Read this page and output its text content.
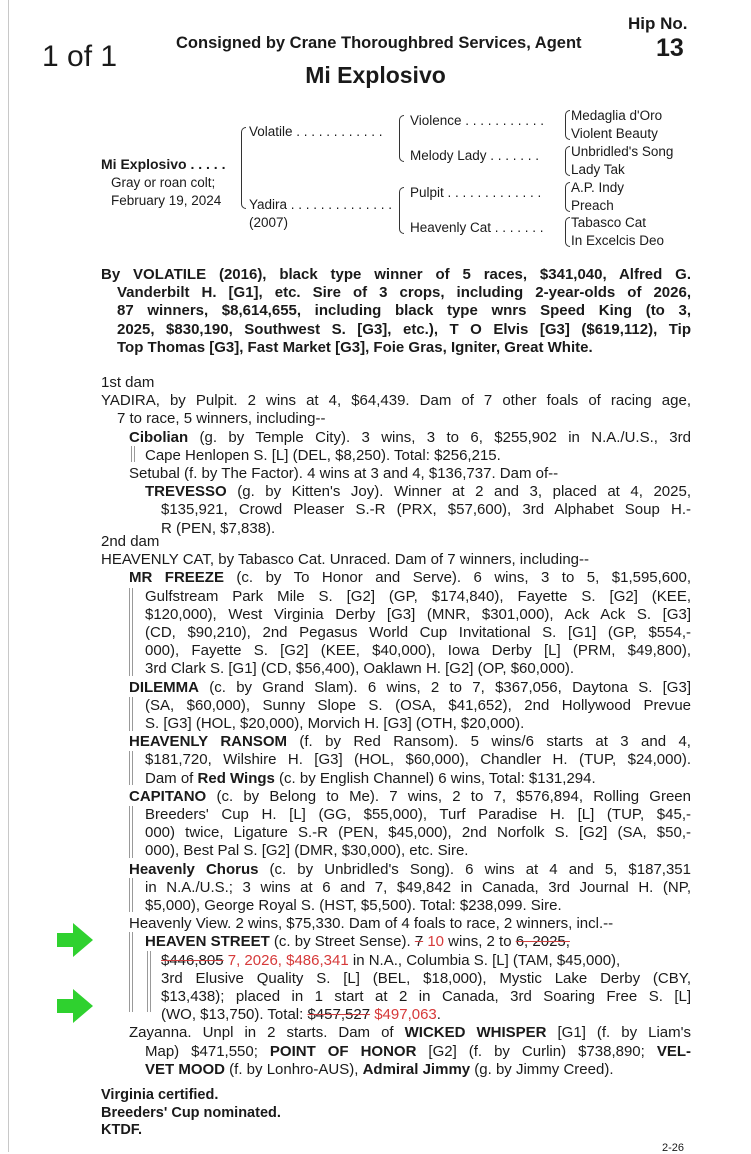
1 of 1	Consigned by Crane Thoroughbred Services, Agent
Hip No.
13
Mi Explosivo
Mi Explosivo . . . . .
Gray or roan colt;
February 19, 2024
Volatile . . . . . . . . . . . .
Yadira . . . . . . . . . . . . . .
(2007)
Violence . . . . . . . . . . .
Melody Lady . . . . . . .
Pulpit . . . . . . . . . . . . .
Heavenly Cat . . . . . . .
Medaglia d'Oro
Violent Beauty
Unbridled's Song
Lady Tak
A.P. Indy
Preach
Tabasco Cat
In Excelcis Deo
By VOLATILE (2016), black type winner of 5 races, $341,040, Alfred G.
Vanderbilt H. [G1], etc. Sire of 3 crops, including 2-year-olds of 2026,
87 winners, $8,614,655, including black type wnrs Speed King (to 3,
2025, $830,190, Southwest S. [G3], etc.), T O Elvis [G3] ($619,112), Tip
Top Thomas [G3], Fast Market [G3], Foie Gras, Igniter, Great White.
1st dam
YADIRA, by Pulpit. 2 wins at 4, $64,439. Dam of 7 other foals of racing age,
7 to race, 5 winners, including--
Cibolian (g. by Temple City). 3 wins, 3 to 6, $255,902 in N.A./U.S., 3rd
Cape Henlopen S. [L] (DEL, $8,250). Total: $256,215.
Setubal (f. by The Factor). 4 wins at 3 and 4, $136,737. Dam of--
TREVESSO (g. by Kitten's Joy). Winner at 2 and 3, placed at 4, 2025,
$135,921, Crowd Pleaser S.-R (PRX, $57,600), 3rd Alphabet Soup H.-
R (PEN, $7,838).
2nd dam
HEAVENLY CAT, by Tabasco Cat. Unraced. Dam of 7 winners, including--
MR FREEZE (c. by To Honor and Serve). 6 wins, 3 to 5, $1,595,600,
Gulfstream Park Mile S. [G2] (GP, $174,840), Fayette S. [G2] (KEE,
$120,000), West Virginia Derby [G3] (MNR, $301,000), Ack Ack S. [G3]
(CD, $90,210), 2nd Pegasus World Cup Invitational S. [G1] (GP, $554,-
000), Fayette S. [G2] (KEE, $40,000), Iowa Derby [L] (PRM, $49,800),
3rd Clark S. [G1] (CD, $56,400), Oaklawn H. [G2] (OP, $60,000).
DILEMMA (c. by Grand Slam). 6 wins, 2 to 7, $367,056, Daytona S. [G3]
(SA, $60,000), Sunny Slope S. (OSA, $41,652), 2nd Hollywood Prevue
S. [G3] (HOL, $20,000), Morvich H. [G3] (OTH, $20,000).
HEAVENLY RANSOM (f. by Red Ransom). 5 wins/6 starts at 3 and 4,
$181,720, Wilshire H. [G3] (HOL, $60,000), Chandler H. (TUP, $24,000).
Dam of Red Wings (c. by English Channel) 6 wins, Total: $131,294.
CAPITANO (c. by Belong to Me). 7 wins, 2 to 7, $576,894, Rolling Green
Breeders' Cup H. [L] (GG, $55,000), Turf Paradise H. [L] (TUP, $45,-
000) twice, Ligature S.-R (PEN, $45,000), 2nd Norfolk S. [G2] (SA, $50,-
000), Best Pal S. [G2] (DMR, $30,000), etc. Sire.
Heavenly Chorus (c. by Unbridled's Song). 6 wins at 4 and 5, $187,351
in N.A./U.S.; 3 wins at 6 and 7, $49,842 in Canada, 3rd Journal H. (NP,
$5,000), George Royal S. (HST, $5,500). Total: $238,099. Sire.
Heavenly View. 2 wins, $75,330. Dam of 4 foals to race, 2 winners, incl.--
HEAVEN STREET (c. by Street Sense). 7 10 wins, 2 to 6, 2025,
$446,805 7, 2026, $486,341 in N.A., Columbia S. [L] (TAM, $45,000),
3rd Elusive Quality S. [L] (BEL, $18,000), Mystic Lake Derby (CBY,
$13,438); placed in 1 start at 2 in Canada, 3rd Soaring Free S. [L]
(WO, $13,750). Total: $457,527 $497,063.
Zayanna. Unpl in 2 starts. Dam of WICKED WHISPER [G1] (f. by Liam's
Map) $471,550; POINT OF HONOR [G2] (f. by Curlin) $738,890; VEL-
VET MOOD (f. by Lonhro-AUS), Admiral Jimmy (g. by Jimmy Creed).
Virginia certified.
Breeders' Cup nominated.
KTDF.
2-26
